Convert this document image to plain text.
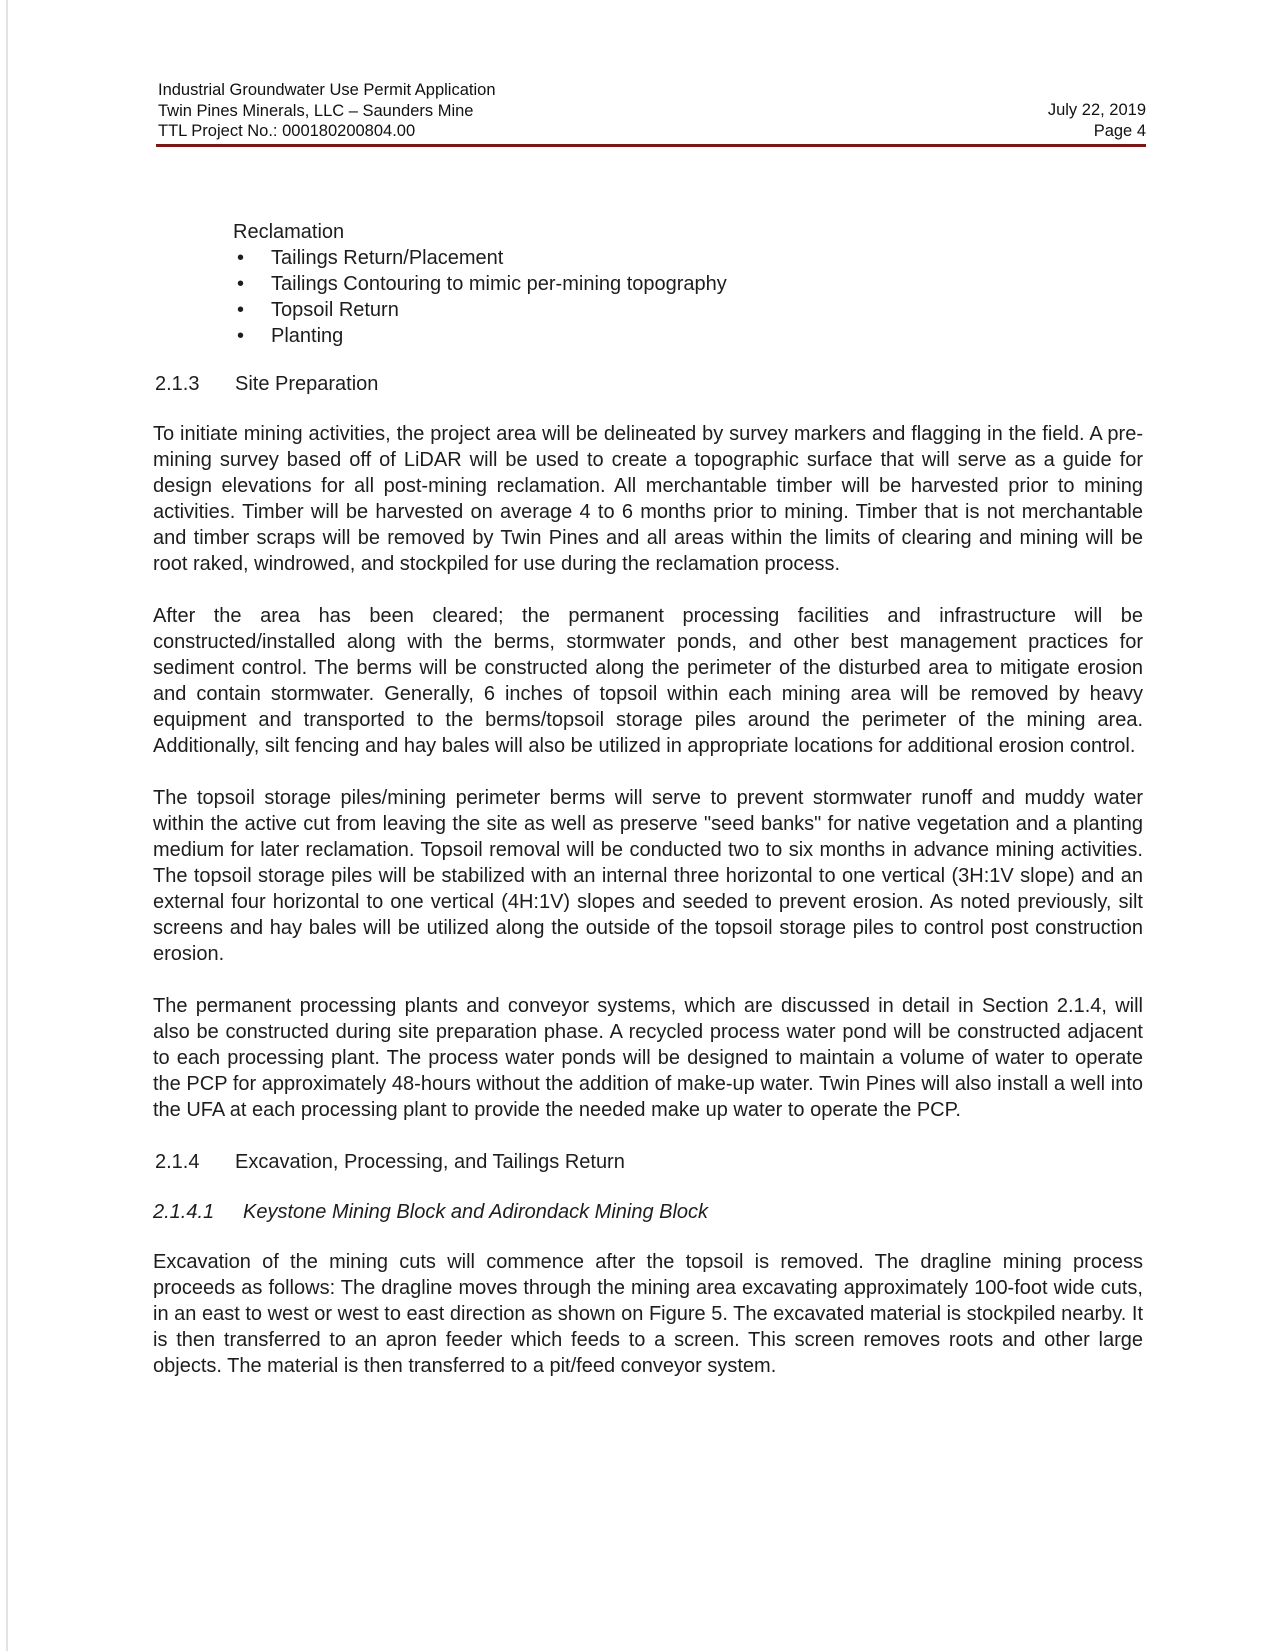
Industrial Groundwater Use Permit Application
Twin Pines Minerals, LLC – Saunders Mine
TTL Project No.: 000180200804.00
July 22, 2019
Page 4
Reclamation
• Tailings Return/Placement
• Tailings Contouring to mimic per-mining topography
• Topsoil Return
• Planting
2.1.3 Site Preparation

To initiate mining activities, the project area will be delineated by survey markers and flagging in the field. A pre-mining survey based off of LiDAR will be used to create a topographic surface that will serve as a guide for design elevations for all post-mining reclamation. All merchantable timber will be harvested prior to mining activities. Timber will be harvested on average 4 to 6 months prior to mining. Timber that is not merchantable and timber scraps will be removed by Twin Pines and all areas within the limits of clearing and mining will be root raked, windrowed, and stockpiled for use during the reclamation process.

After the area has been cleared; the permanent processing facilities and infrastructure will be constructed/installed along with the berms, stormwater ponds, and other best management practices for sediment control. The berms will be constructed along the perimeter of the disturbed area to mitigate erosion and contain stormwater. Generally, 6 inches of topsoil within each mining area will be removed by heavy equipment and transported to the berms/topsoil storage piles around the perimeter of the mining area. Additionally, silt fencing and hay bales will also be utilized in appropriate locations for additional erosion control.

The topsoil storage piles/mining perimeter berms will serve to prevent stormwater runoff and muddy water within the active cut from leaving the site as well as preserve "seed banks" for native vegetation and a planting medium for later reclamation. Topsoil removal will be conducted two to six months in advance mining activities. The topsoil storage piles will be stabilized with an internal three horizontal to one vertical (3H:1V slope) and an external four horizontal to one vertical (4H:1V) slopes and seeded to prevent erosion. As noted previously, silt screens and hay bales will be utilized along the outside of the topsoil storage piles to control post construction erosion.

The permanent processing plants and conveyor systems, which are discussed in detail in Section 2.1.4, will also be constructed during site preparation phase. A recycled process water pond will be constructed adjacent to each processing plant. The process water ponds will be designed to maintain a volume of water to operate the PCP for approximately 48-hours without the addition of make-up water. Twin Pines will also install a well into the UFA at each processing plant to provide the needed make up water to operate the PCP.

2.1.4 Excavation, Processing, and Tailings Return
2.1.4.1 Keystone Mining Block and Adirondack Mining Block

Excavation of the mining cuts will commence after the topsoil is removed. The dragline mining process proceeds as follows: The dragline moves through the mining area excavating approximately 100-foot wide cuts, in an east to west or west to east direction as shown on Figure 5. The excavated material is stockpiled nearby. It is then transferred to an apron feeder which feeds to a screen. This screen removes roots and other large objects. The material is then transferred to a pit/feed conveyor system.
